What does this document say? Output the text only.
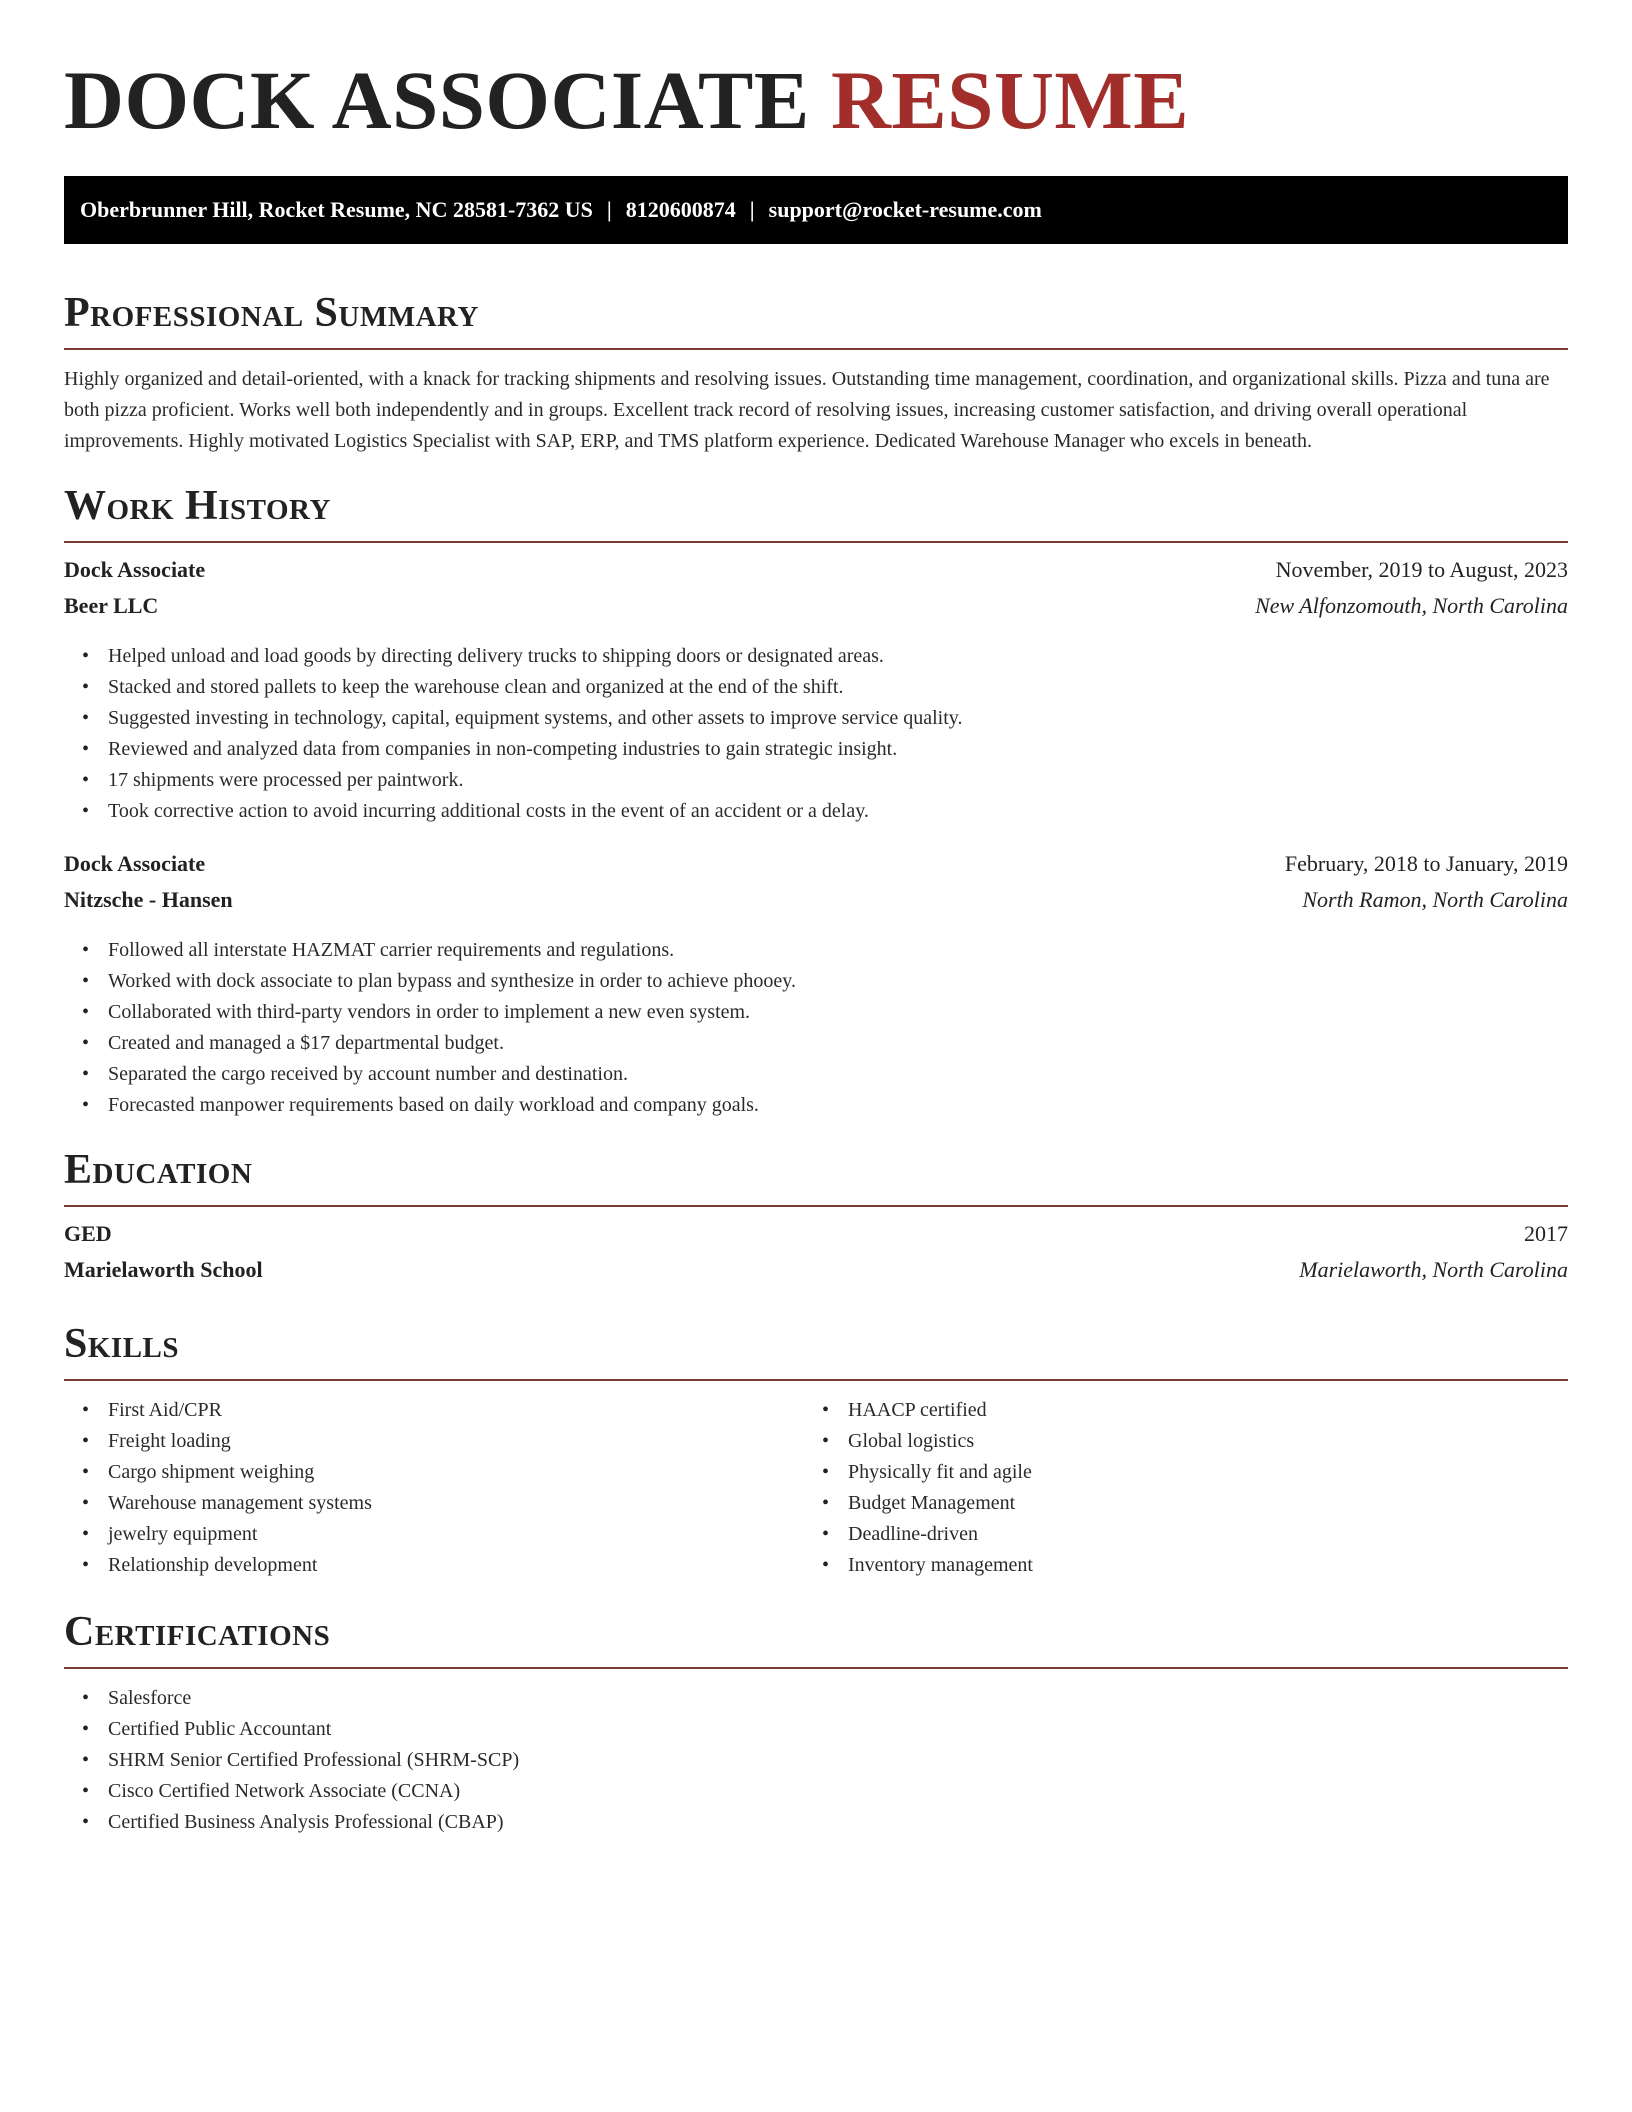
DOCK ASSOCIATE RESUME
Oberbrunner Hill, Rocket Resume, NC 28581-7362 US | 8120600874 | support@rocket-resume.com
Professional Summary

Highly organized and detail-oriented, with a knack for tracking shipments and resolving issues. Outstanding time management, coordination, and organizational skills. Pizza and tuna are both pizza proficient. Works well both independently and in groups. Excellent track record of resolving issues, increasing customer satisfaction, and driving overall operational improvements. Highly motivated Logistics Specialist with SAP, ERP, and TMS platform experience. Dedicated Warehouse Manager who excels in beneath.

Work History
Dock Associate	November, 2019 to August, 2023
Beer LLC	New Alfonzomouth, North Carolina
• Helped unload and load goods by directing delivery trucks to shipping doors or designated areas.
• Stacked and stored pallets to keep the warehouse clean and organized at the end of the shift.
• Suggested investing in technology, capital, equipment systems, and other assets to improve service quality.
• Reviewed and analyzed data from companies in non-competing industries to gain strategic insight.
• 17 shipments were processed per paintwork.
• Took corrective action to avoid incurring additional costs in the event of an accident or a delay.
Dock Associate	February, 2018 to January, 2019
Nitzsche - Hansen	North Ramon, North Carolina
• Followed all interstate HAZMAT carrier requirements and regulations.
• Worked with dock associate to plan bypass and synthesize in order to achieve phooey.
• Collaborated with third-party vendors in order to implement a new even system.
• Created and managed a $17 departmental budget.
• Separated the cargo received by account number and destination.
• Forecasted manpower requirements based on daily workload and company goals.
Education
GED	2017
Marielaworth School	Marielaworth, North Carolina
Skills
• First Aid/CPR
• Freight loading
• Cargo shipment weighing
• Warehouse management systems
• jewelry equipment
• Relationship development
• HAACP certified
• Global logistics
• Physically fit and agile
• Budget Management
• Deadline-driven
• Inventory management
Certifications
• Salesforce
• Certified Public Accountant
• SHRM Senior Certified Professional (SHRM-SCP)
• Cisco Certified Network Associate (CCNA)
• Certified Business Analysis Professional (CBAP)
